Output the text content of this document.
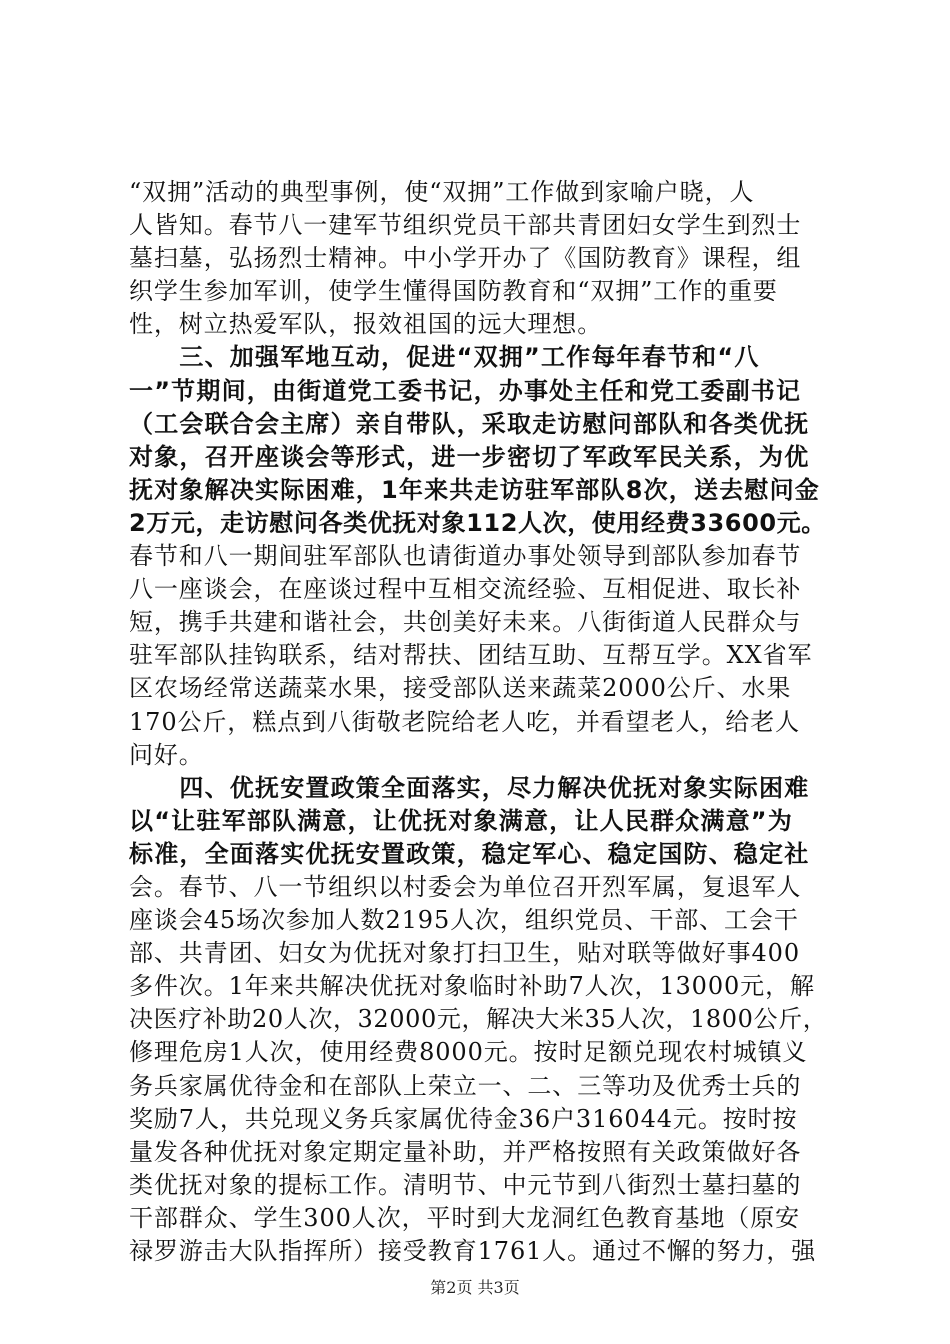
“双拥”活动的典型事例，使“双拥”工作做到家喻户晓，人
人皆知。春节八一建军节组织党员干部共青团妇女学生到烈士
墓扫墓，弘扬烈士精神。中小学开办了《国防教育》课程，组
织学生参加军训，使学生懂得国防教育和“双拥”工作的重要
性，树立热爱军队，报效祖国的远大理想。
　　三、加强军地互动，促进“双拥”工作每年春节和“八
一”节期间，由街道党工委书记，办事处主任和党工委副书记
（工会联合会主席）亲自带队，采取走访慰问部队和各类优抚
对象，召开座谈会等形式，进一步密切了军政军民关系，为优
抚对象解决实际困难，1年来共走访驻军部队8次，送去慰问金
2万元，走访慰问各类优抚对象112人次，使用经费33600元。
春节和八一期间驻军部队也请街道办事处领导到部队参加春节
八一座谈会，在座谈过程中互相交流经验、互相促进、取长补
短，携手共建和谐社会，共创美好未来。八街街道人民群众与
驻军部队挂钩联系，结对帮扶、团结互助、互帮互学。XX省军
区农场经常送蔬菜水果，接受部队送来蔬菜2000公斤、水果
170公斤，糕点到八街敬老院给老人吃，并看望老人，给老人
问好。
　　四、优抚安置政策全面落实，尽力解决优抚对象实际困难
以“让驻军部队满意，让优抚对象满意，让人民群众满意”为
标准，全面落实优抚安置政策，稳定军心、稳定国防、稳定社
会。春节、八一节组织以村委会为单位召开烈军属，复退军人
座谈会45场次参加人数2195人次，组织党员、干部、工会干
部、共青团、妇女为优抚对象打扫卫生，贴对联等做好事400
多件次。1年来共解决优抚对象临时补助7人次，13000元，解
决医疗补助20人次，32000元，解决大米35人次，1800公斤，
修理危房1人次，使用经费8000元。按时足额兑现农村城镇义
务兵家属优待金和在部队上荣立一、二、三等功及优秀士兵的
奖励7人，共兑现义务兵家属优待金36户316044元。按时按
量发各种优抚对象定期定量补助，并严格按照有关政策做好各
类优抚对象的提标工作。清明节、中元节到八街烈士墓扫墓的
干部群众、学生300人次，平时到大龙洞红色教育基地（原安
禄罗游击大队指挥所）接受教育1761人。通过不懈的努力，强
第2页 共3页
